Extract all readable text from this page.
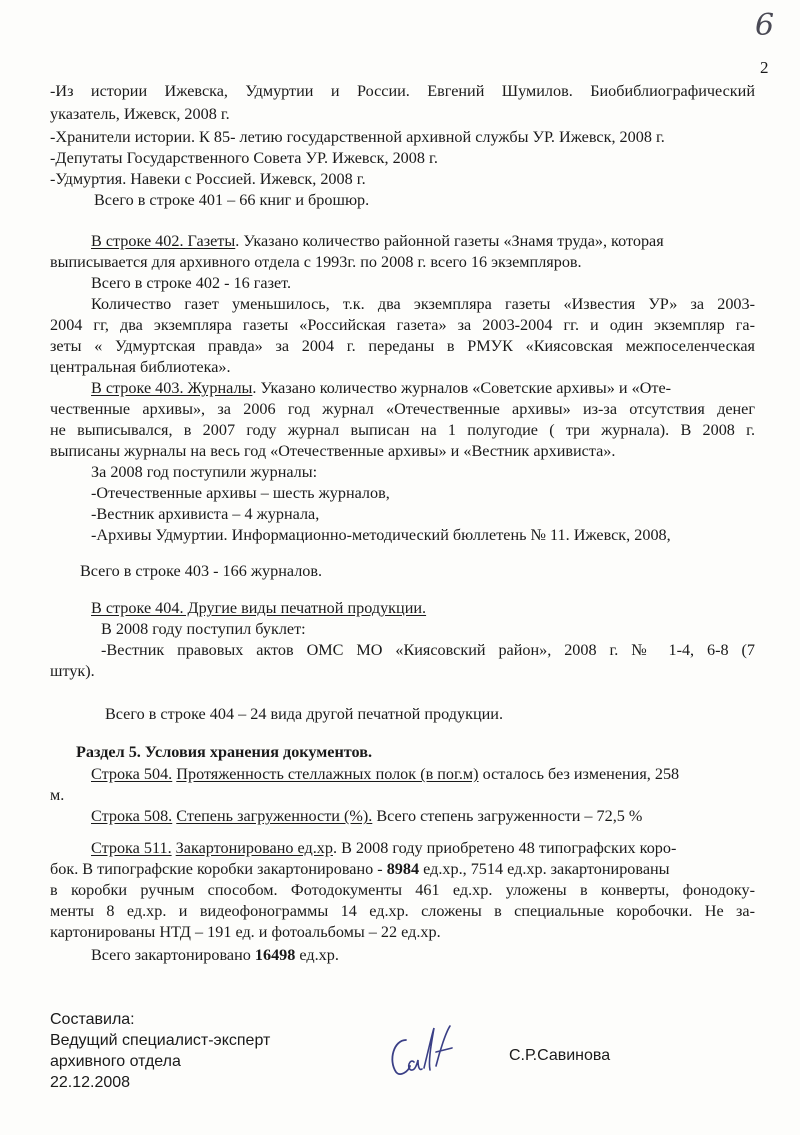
6
2
-Из истории Ижевска, Удмуртии и России. Евгений Шумилов. Биобиблиографический
указатель, Ижевск, 2008 г.
-Хранители истории. К 85- летию государственной архивной службы УР. Ижевск, 2008 г.
-Депутаты Государственного Совета УР. Ижевск, 2008 г.
-Удмуртия. Навеки с Россией. Ижевск, 2008 г.
Всего в строке 401 – 66 книг и брошюр.
В строке 402. Газеты. Указано количество районной газеты «Знамя труда», которая
выписывается для архивного отдела с 1993г. по 2008 г. всего 16 экземпляров.
Всего в строке 402 - 16 газет.
Количество газет уменьшилось, т.к. два экземпляра газеты «Известия УР» за 2003-
2004 гг, два экземпляра газеты «Российская газета» за 2003-2004 гг. и один экземпляр га-
зеты « Удмуртская правда» за 2004 г. переданы в РМУК «Киясовская межпоселенческая
центральная библиотека».
В строке 403. Журналы. Указано количество журналов «Советские архивы» и «Оте-
чественные архивы», за 2006 год журнал «Отечественные архивы» из-за отсутствия денег
не выписывался, в 2007 году журнал выписан на 1 полугодие ( три журнала). В 2008 г.
выписаны журналы на весь год «Отечественные архивы» и «Вестник архивиста».
За 2008 год поступили журналы:
-Отечественные архивы – шесть журналов,
-Вестник архивиста – 4 журнала,
-Архивы Удмуртии. Информационно-методический бюллетень № 11. Ижевск, 2008,
Всего в строке 403 - 166 журналов.
В строке 404. Другие виды печатной продукции.
В 2008 году поступил буклет:
-Вестник правовых актов ОМС МО «Киясовский район», 2008 г. № 1-4, 6-8 (7
штук).
Всего в строке 404 – 24 вида другой печатной продукции.
Раздел 5. Условия хранения документов.
Строка 504. Протяженность стеллажных полок (в пог.м) осталось без изменения, 258
м.
Строка 508. Степень загруженности (%). Всего степень загруженности – 72,5 %
Строка 511. Закартонировано ед.хр. В 2008 году приобретено 48 типографских коро-
бок. В типографские коробки закартонировано - 8984 ед.хр., 7514 ед.хр. закартонированы
в коробки ручным способом. Фотодокументы 461 ед.хр. уложены в конверты, фонодоку-
менты 8 ед.хр. и видеофонограммы 14 ед.хр. сложены в специальные коробочки. Не за-
картонированы НТД – 191 ед. и фотоальбомы – 22 ед.хр.
Всего закартонировано 16498 ед.хр.
Составила:
Ведущий специалист-эксперт
архивного отдела
22.12.2008
С.Р.Савинова
